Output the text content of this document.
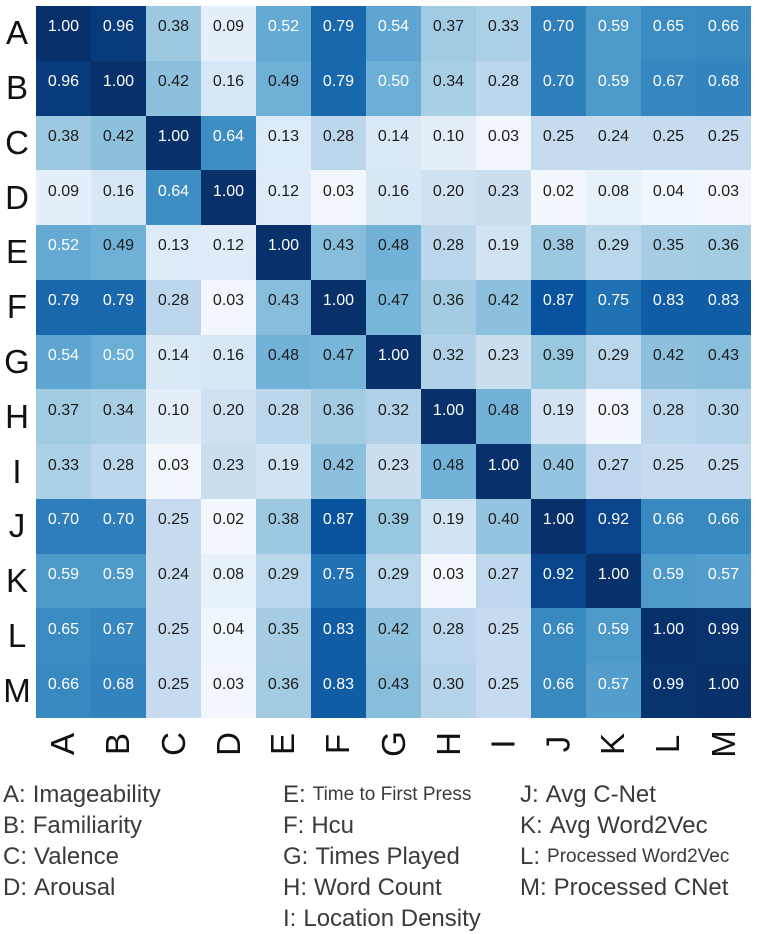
A
B
C
D
E
F
G
H
I
J
K
L
M
1.00 0.96 0.38 0.09 0.52 0.79 0.54 0.37 0.33 0.70 0.59 0.65 0.66
0.96 1.00 0.42 0.16 0.49 0.79 0.50 0.34 0.28 0.70 0.59 0.67 0.68
0.38 0.42 1.00 0.64 0.13 0.28 0.14 0.10 0.03 0.25 0.24 0.25 0.25
0.09 0.16 0.64 1.00 0.12 0.03 0.16 0.20 0.23 0.02 0.08 0.04 0.03
0.52 0.49 0.13 0.12 1.00 0.43 0.48 0.28 0.19 0.38 0.29 0.35 0.36
0.79 0.79 0.28 0.03 0.43 1.00 0.47 0.36 0.42 0.87 0.75 0.83 0.83
0.54 0.50 0.14 0.16 0.48 0.47 1.00 0.32 0.23 0.39 0.29 0.42 0.43
0.37 0.34 0.10 0.20 0.28 0.36 0.32 1.00 0.48 0.19 0.03 0.28 0.30
0.33 0.28 0.03 0.23 0.19 0.42 0.23 0.48 1.00 0.40 0.27 0.25 0.25
0.70 0.70 0.25 0.02 0.38 0.87 0.39 0.19 0.40 1.00 0.92 0.66 0.66
0.59 0.59 0.24 0.08 0.29 0.75 0.29 0.03 0.27 0.92 1.00 0.59 0.57
0.65 0.67 0.25 0.04 0.35 0.83 0.42 0.28 0.25 0.66 0.59 1.00 0.99
0.66 0.68 0.25 0.03 0.36 0.83 0.43 0.30 0.25 0.66 0.57 0.99 1.00
A B C D E F G H I J K L M
A: Imageability
B: Familiarity
C: Valence
D: Arousal
E: Time to First Press
F: Hcu
G: Times Played
H: Word Count
I: Location Density
J: Avg C-Net
K: Avg Word2Vec
L: Processed Word2Vec
M: Processed CNet
